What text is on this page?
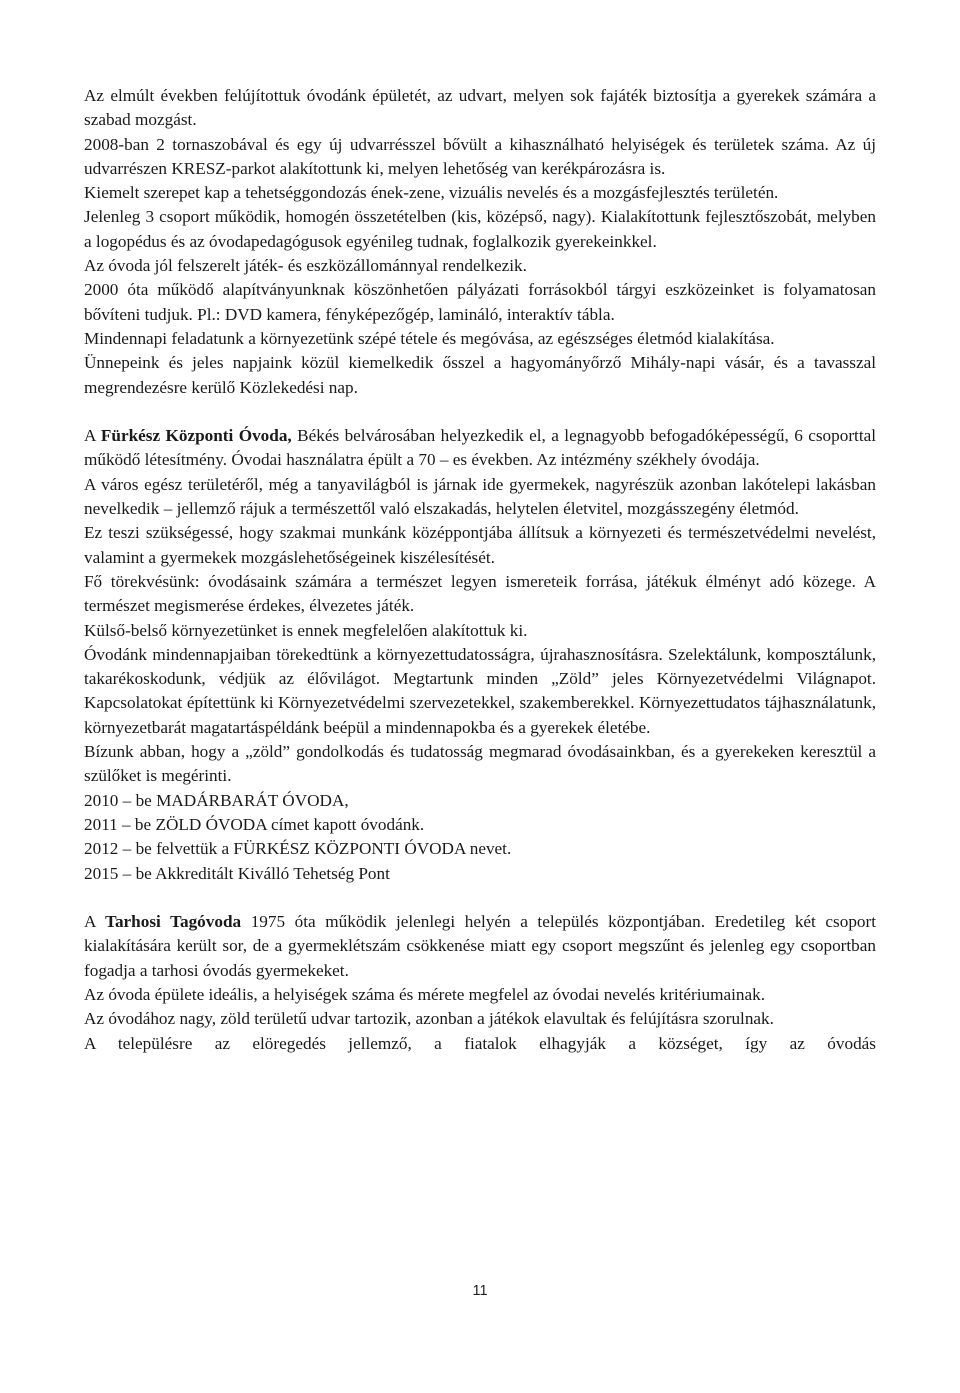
Az elmúlt években felújítottuk óvodánk épületét, az udvart, melyen sok fajáték biztosítja a gyerekek számára a szabad mozgást.

2008-ban 2 tornaszobával és egy új udvarrésszel bővült a kihasználható helyiségek és területek száma. Az új udvarrészen KRESZ-parkot alakítottunk ki, melyen lehetőség van kerékpározásra is.

Kiemelt szerepet kap a tehetséggondozás ének-zene, vizuális nevelés és a mozgásfejlesztés területén.

Jelenleg 3 csoport működik, homogén összetételben (kis, középső, nagy). Kialakítottunk fejlesztőszobát, melyben a logopédus és az óvodapedagógusok egyénileg tudnak, foglalkozik gyerekeinkkel.

Az óvoda jól felszerelt játék- és eszközállománnyal rendelkezik.

2000 óta működő alapítványunknak köszönhetően pályázati forrásokból tárgyi eszközeinket is folyamatosan bővíteni tudjuk. Pl.: DVD kamera, fényképezőgép, lamináló, interaktív tábla.

Mindennapi feladatunk a környezetünk szépé tétele és megóvása, az egészséges életmód kialakítása.

Ünnepeink és jeles napjaink közül kiemelkedik ősszel a hagyományőrző Mihály-napi vásár, és a tavasszal megrendezésre kerülő Közlekedési nap.

A Fürkész Központi Óvoda, Békés belvárosában helyezkedik el, a legnagyobb befogadóképességű, 6 csoporttal működő létesítmény. Óvodai használatra épült a 70 – es években. Az intézmény székhely óvodája.

A város egész területéről, még a tanyavilágból is járnak ide gyermekek, nagyrészük azonban lakótelepi lakásban nevelkedik – jellemző rájuk a természettől való elszakadás, helytelen életvitel, mozgásszegény életmód.

Ez teszi szükségessé, hogy szakmai munkánk középpontjába állítsuk a környezeti és természetvédelmi nevelést, valamint a gyermekek mozgáslehetőségeinek kiszélesítését.

Fő törekvésünk: óvodásaink számára a természet legyen ismereteik forrása, játékuk élményt adó közege. A természet megismerése érdekes, élvezetes játék.

Külső-belső környezetünket is ennek megfelelően alakítottuk ki.

Óvodánk mindennapjaiban törekedtünk a környezettudatosságra, újrahasznosításra. Szelektálunk, komposztálunk, takarékoskodunk, védjük az élővilágot. Megtartunk minden „Zöld” jeles Környezetvédelmi Világnapot. Kapcsolatokat építettünk ki Környezetvédelmi szervezetekkel, szakemberekkel. Környezettudatos tájhasználatunk, környezetbarát magatartáspéldánk beépül a mindennapokba és a gyerekek életébe.

Bízunk abban, hogy a „zöld” gondolkodás és tudatosság megmarad óvodásainkban, és a gyerekeken keresztül a szülőket is megérinti.

2010 – be MADÁRBARÁT ÓVODA,

2011 – be ZÖLD ÓVODA címet kapott óvodánk.

2012 – be felvettük a FÜRKÉSZ KÖZPONTI ÓVODA nevet.

2015 – be Akkreditált Kiválló Tehetség Pont

A Tarhosi Tagóvoda 1975 óta működik jelenlegi helyén a település központjában. Eredetileg két csoport kialakítására került sor, de a gyermeklétszám csökkenése miatt egy csoport megszűnt és jelenleg egy csoportban fogadja a tarhosi óvodás gyermekeket.

Az óvoda épülete ideális, a helyiségek száma és mérete megfelel az óvodai nevelés kritériumainak.

Az óvodához nagy, zöld területű udvar tartozik, azonban a játékok elavultak és felújításra szorulnak.

A településre az elöregedés jellemző, a fiatalok elhagyják a községet, így az óvodás

11
